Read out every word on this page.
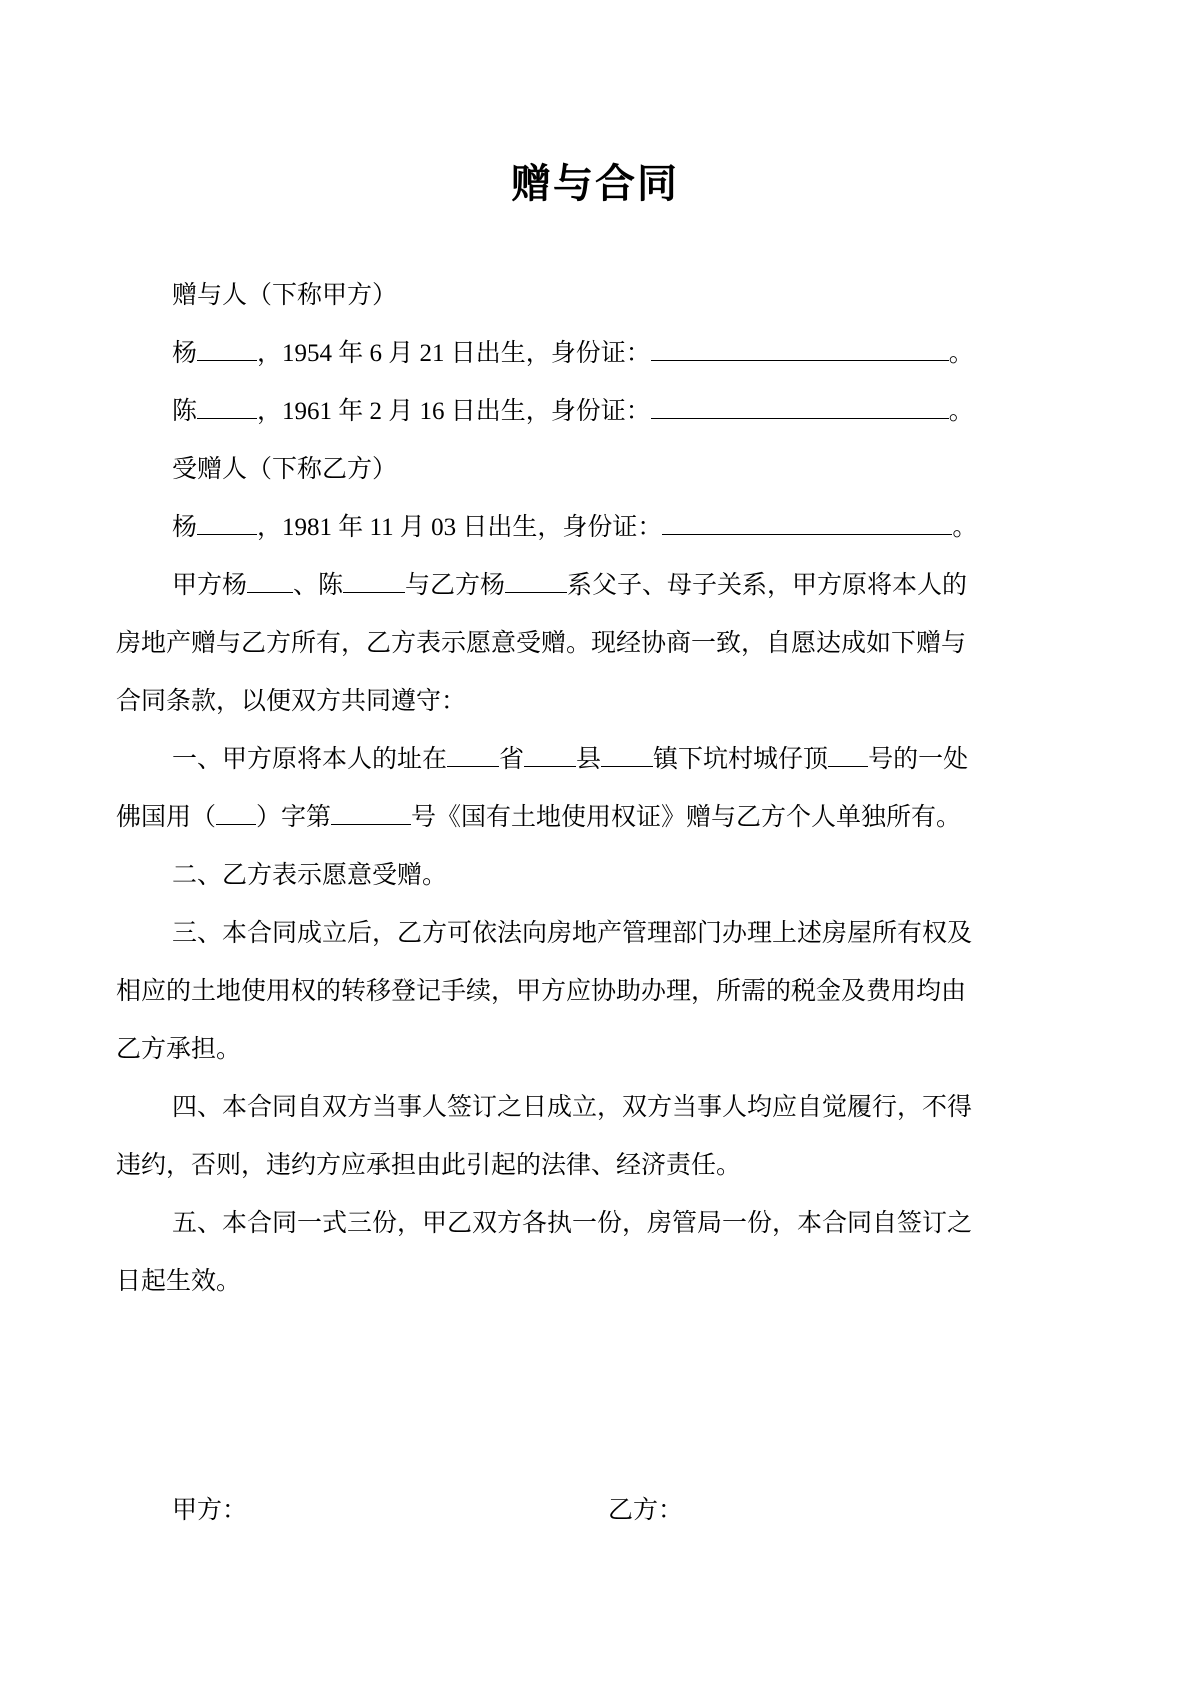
赠与合同
赠与人（下称甲方）
杨 ，1954 年 6 月 21 日出生，身份证：	。
陈 ，1961 年 2 月 16 日出生，身份证：	。
受赠人（下称乙方）
杨 ，1981 年 11 月 03 日出生，身份证：	。
甲方杨 、陈 与乙方杨 系父子、母子关系，甲方原将本人的
房地产赠与乙方所有，乙方表示愿意受赠。现经协商一致，自愿达成如下赠与
合同条款，以便双方共同遵守：
一、甲方原将本人的址在 省 县 镇下坑村城仔顶 号的一处
佛国用（ ）字第	号《国有土地使用权证》赠与乙方个人单独所有。
二、乙方表示愿意受赠。
三、本合同成立后，乙方可依法向房地产管理部门办理上述房屋所有权及
相应的土地使用权的转移登记手续，甲方应协助办理，所需的税金及费用均由
乙方承担。
四、本合同自双方当事人签订之日成立，双方当事人均应自觉履行，不得
违约，否则，违约方应承担由此引起的法律、经济责任。
五、本合同一式三份，甲乙双方各执一份，房管局一份，本合同自签订之
日起生效。
甲方：	乙方：
